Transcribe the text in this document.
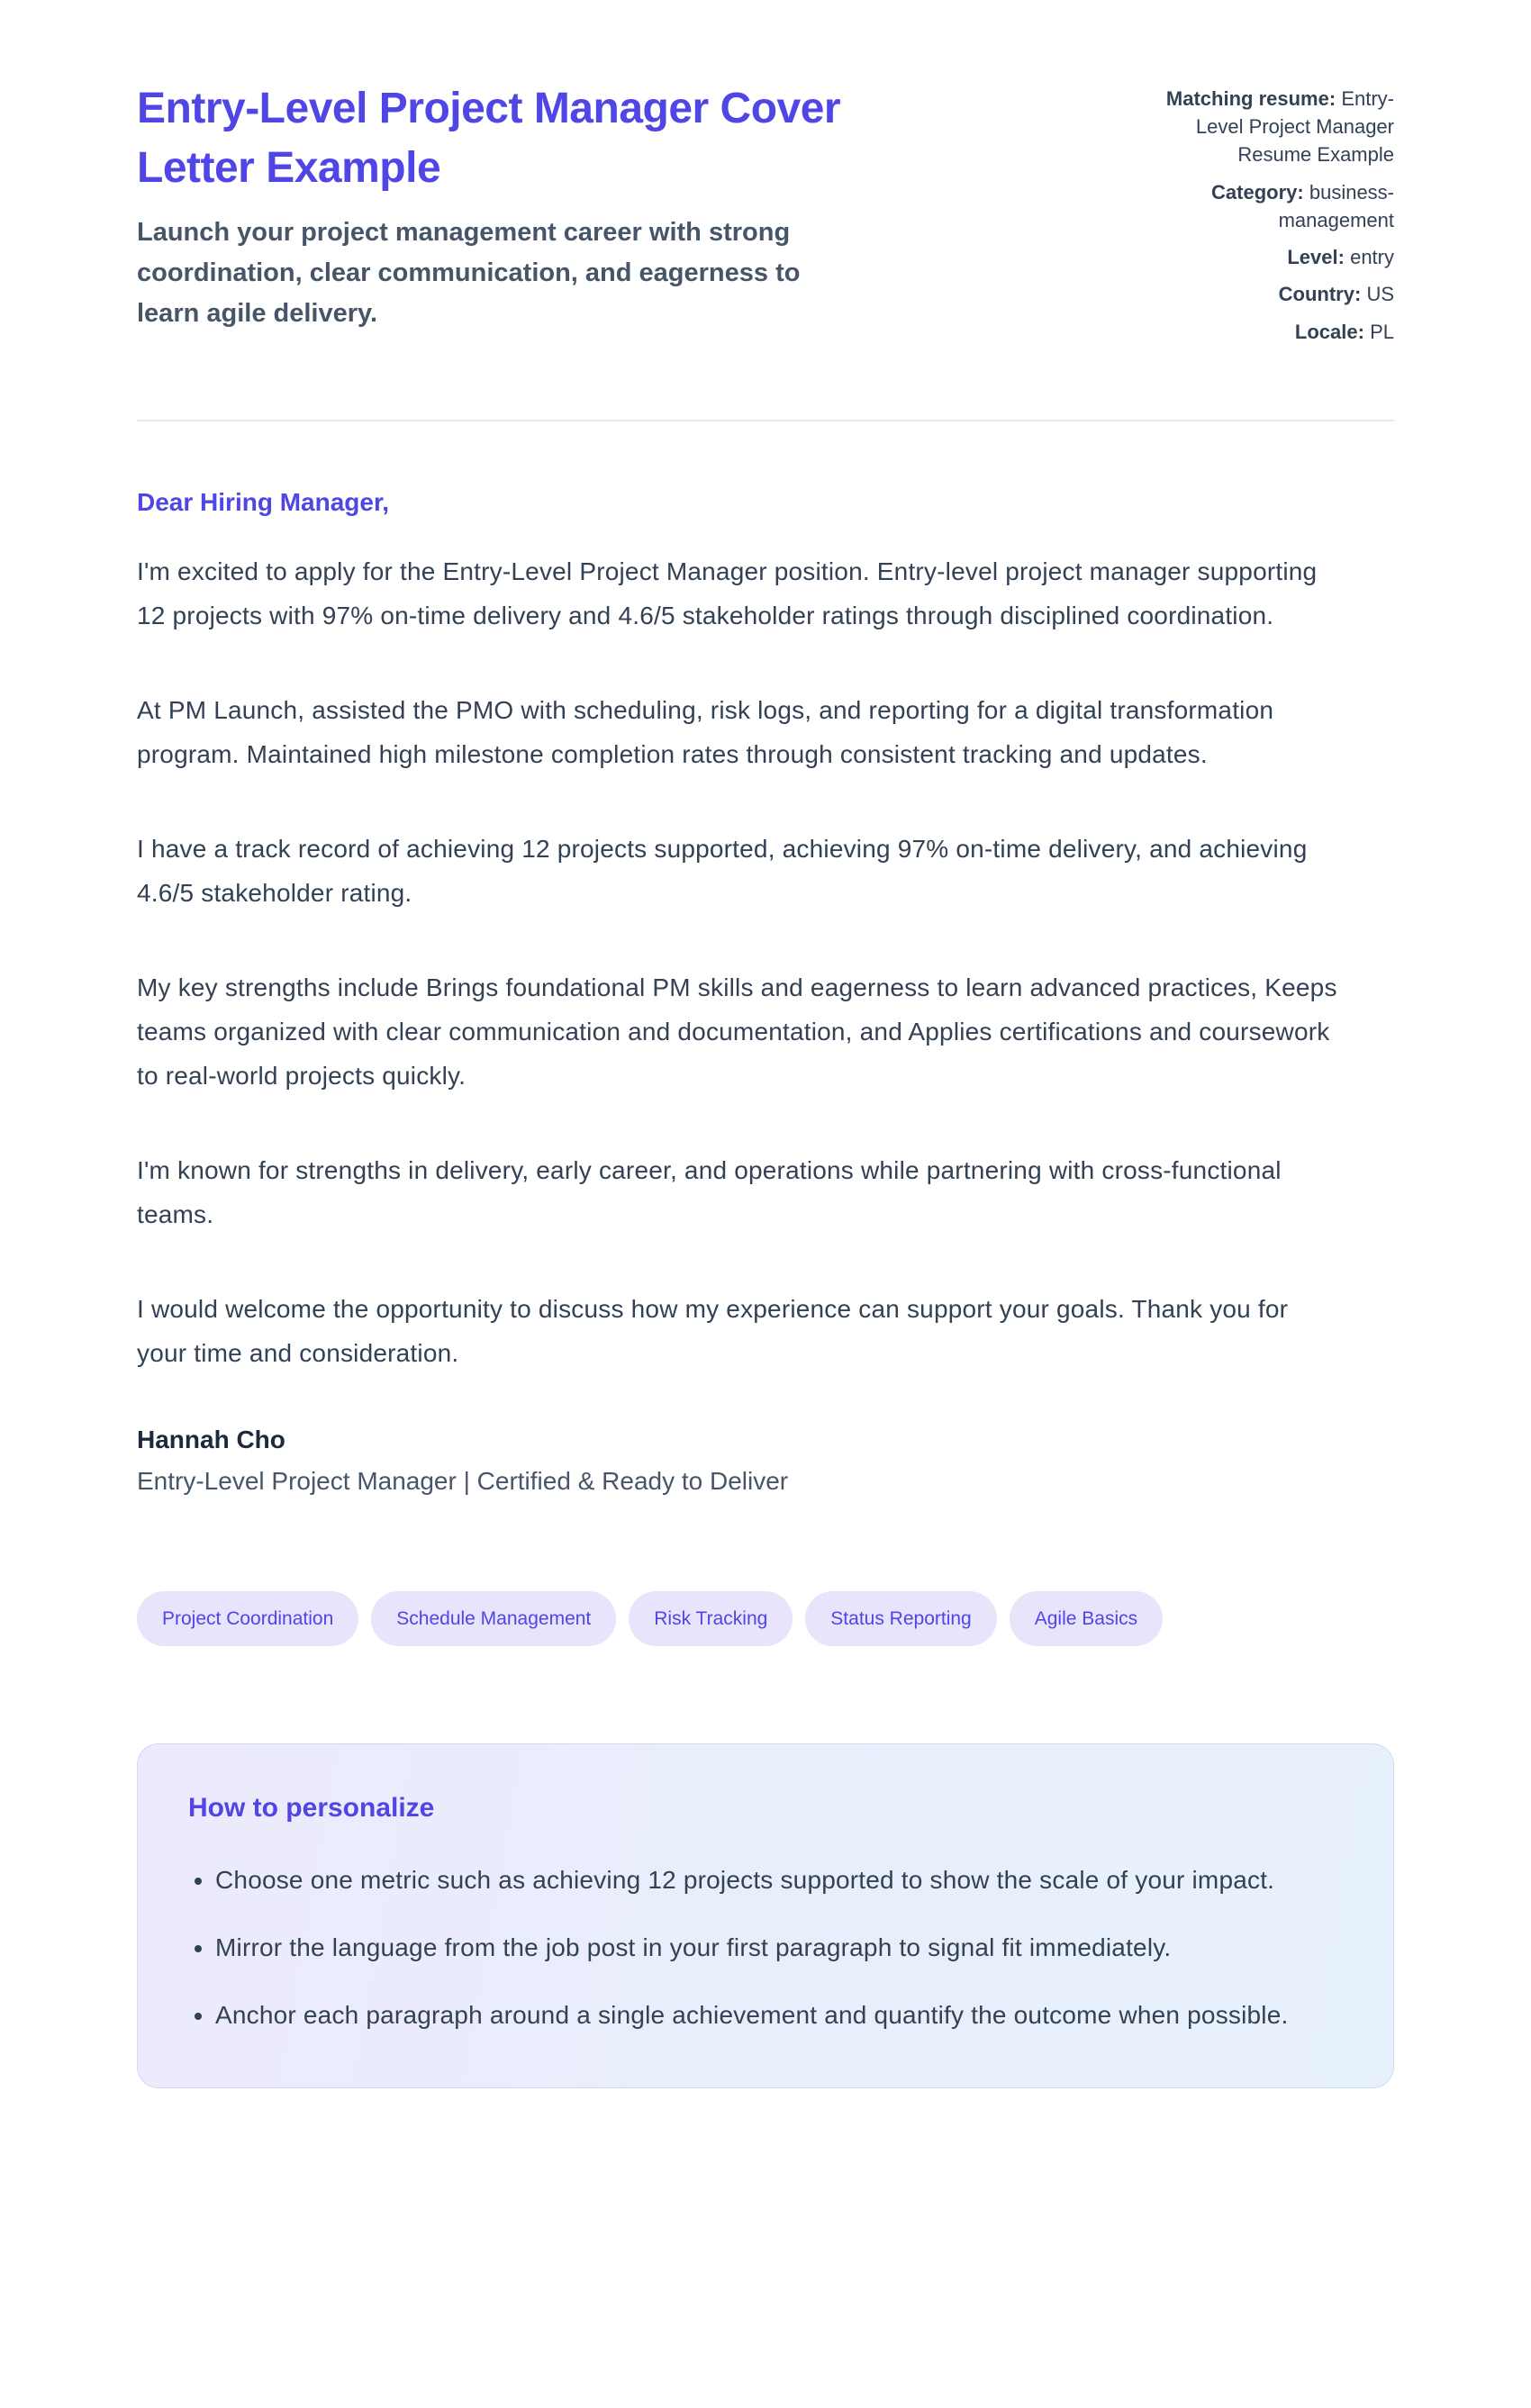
Entry-Level Project Manager Cover Letter Example

Launch your project management career with strong coordination, clear communication, and eagerness to learn agile delivery.

Matching resume: Entry-Level Project Manager Resume Example
Category: business-management
Level: entry
Country: US
Locale: PL

Dear Hiring Manager,

I'm excited to apply for the Entry-Level Project Manager position. Entry-level project manager supporting 12 projects with 97% on-time delivery and 4.6/5 stakeholder ratings through disciplined coordination.

At PM Launch, assisted the PMO with scheduling, risk logs, and reporting for a digital transformation program. Maintained high milestone completion rates through consistent tracking and updates.

I have a track record of achieving 12 projects supported, achieving 97% on-time delivery, and achieving 4.6/5 stakeholder rating.

My key strengths include Brings foundational PM skills and eagerness to learn advanced practices, Keeps teams organized with clear communication and documentation, and Applies certifications and coursework to real-world projects quickly.

I'm known for strengths in delivery, early career, and operations while partnering with cross-functional teams.

I would welcome the opportunity to discuss how my experience can support your goals. Thank you for your time and consideration.

Hannah Cho

Entry-Level Project Manager | Certified & Ready to Deliver

Project Coordination	Schedule Management	Risk Tracking	Status Reporting	Agile Basics
How to personalize
• Choose one metric such as achieving 12 projects supported to show the scale of your impact.
• Mirror the language from the job post in your first paragraph to signal fit immediately.
• Anchor each paragraph around a single achievement and quantify the outcome when possible.
